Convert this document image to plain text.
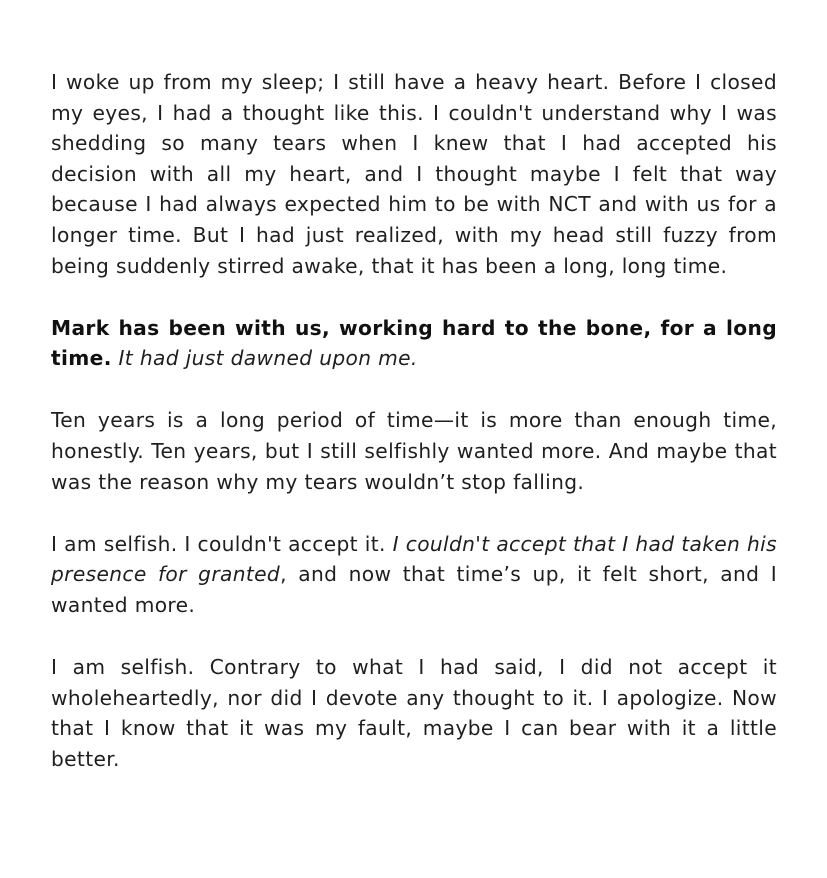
I woke up from my sleep; I still have a heavy heart. Before I closed my eyes, I had a thought like this. I couldn't understand why I was shedding so many tears when I knew that I had accepted his decision with all my heart, and I thought maybe I felt that way because I had always expected him to be with NCT and with us for a longer time. But I had just realized, with my head still fuzzy from being suddenly stirred awake, that it has been a long, long time.

Mark has been with us, working hard to the bone, for a long time. It had just dawned upon me.

Ten years is a long period of time—it is more than enough time, honestly. Ten years, but I still selfishly wanted more. And maybe that was the reason why my tears wouldn’t stop falling.

I am selfish. I couldn't accept it. I couldn't accept that I had taken his presence for granted, and now that time’s up, it felt short, and I wanted more.

I am selfish. Contrary to what I had said, I did not accept it wholeheartedly, nor did I devote any thought to it. I apologize. Now that I know that it was my fault, maybe I can bear with it a little better.
